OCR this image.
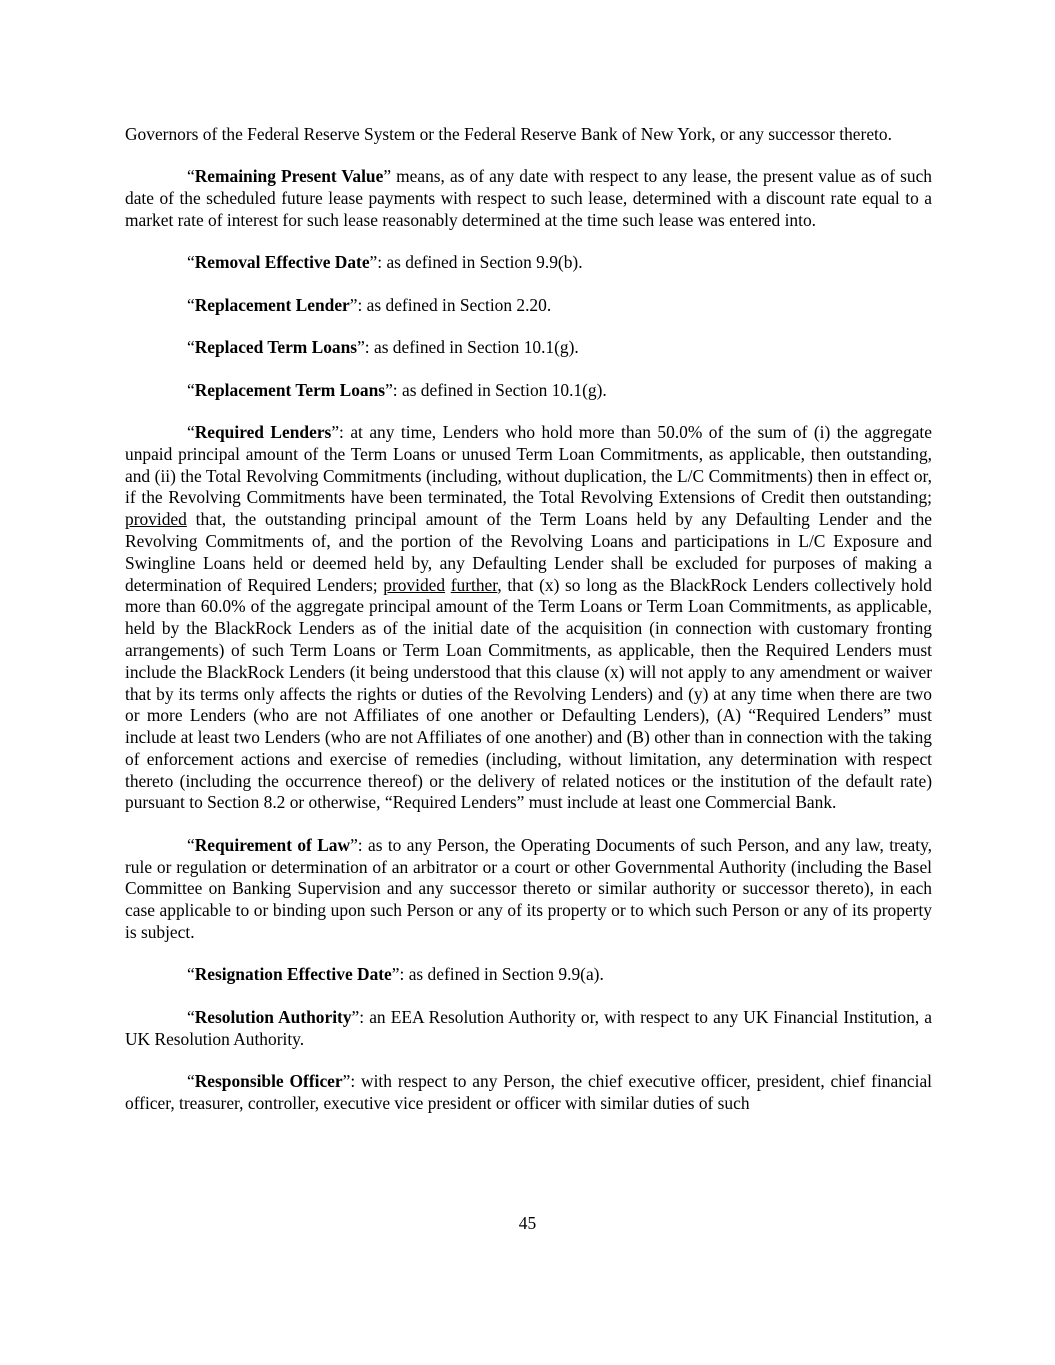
Governors of the Federal Reserve System or the Federal Reserve Bank of New York, or any successor thereto.

“Remaining Present Value” means, as of any date with respect to any lease, the present value as of such date of the scheduled future lease payments with respect to such lease, determined with a discount rate equal to a market rate of interest for such lease reasonably determined at the time such lease was entered into.

“Removal Effective Date”: as defined in Section 9.9(b).

“Replacement Lender”: as defined in Section 2.20.

“Replaced Term Loans”: as defined in Section 10.1(g).

“Replacement Term Loans”: as defined in Section 10.1(g).

“Required Lenders”: at any time, Lenders who hold more than 50.0% of the sum of (i) the aggregate unpaid principal amount of the Term Loans or unused Term Loan Commitments, as applicable, then outstanding, and (ii) the Total Revolving Commitments (including, without duplication, the L/C Commitments) then in effect or, if the Revolving Commitments have been terminated, the Total Revolving Extensions of Credit then outstanding; provided that, the outstanding principal amount of the Term Loans held by any Defaulting Lender and the Revolving Commitments of, and the portion of the Revolving Loans and participations in L/C Exposure and Swingline Loans held or deemed held by, any Defaulting Lender shall be excluded for purposes of making a determination of Required Lenders; provided further, that (x) so long as the BlackRock Lenders collectively hold more than 60.0% of the aggregate principal amount of the Term Loans or Term Loan Commitments, as applicable, held by the BlackRock Lenders as of the initial date of the acquisition (in connection with customary fronting arrangements) of such Term Loans or Term Loan Commitments, as applicable, then the Required Lenders must include the BlackRock Lenders (it being understood that this clause (x) will not apply to any amendment or waiver that by its terms only affects the rights or duties of the Revolving Lenders) and (y) at any time when there are two or more Lenders (who are not Affiliates of one another or Defaulting Lenders), (A) “Required Lenders” must include at least two Lenders (who are not Affiliates of one another) and (B) other than in connection with the taking of enforcement actions and exercise of remedies (including, without limitation, any determination with respect thereto (including the occurrence thereof) or the delivery of related notices or the institution of the default rate) pursuant to Section 8.2 or otherwise, “Required Lenders” must include at least one Commercial Bank.

“Requirement of Law”: as to any Person, the Operating Documents of such Person, and any law, treaty, rule or regulation or determination of an arbitrator or a court or other Governmental Authority (including the Basel Committee on Banking Supervision and any successor thereto or similar authority or successor thereto), in each case applicable to or binding upon such Person or any of its property or to which such Person or any of its property is subject.

“Resignation Effective Date”: as defined in Section 9.9(a).

“Resolution Authority”: an EEA Resolution Authority or, with respect to any UK Financial Institution, a UK Resolution Authority.

“Responsible Officer”: with respect to any Person, the chief executive officer, president, chief financial officer, treasurer, controller, executive vice president or officer with similar duties of such

45
